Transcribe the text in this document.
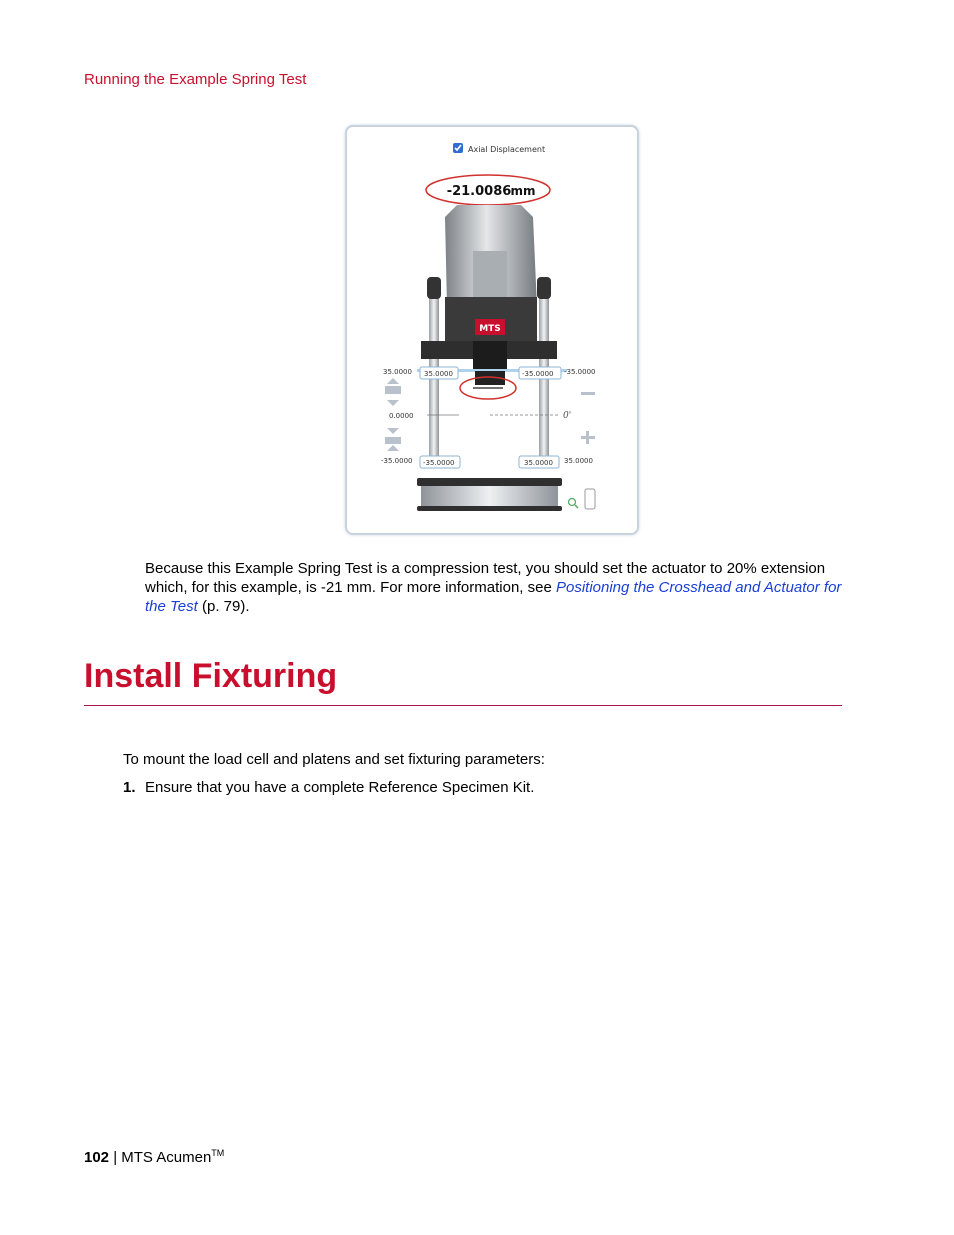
Running the Example Spring Test
Axial Displacement
-21.0086 mm
MTS
35.0000 35.0000	-35.0000 -35.0000
0.0000	0'
-35.0000 -35.0000	35.0000 35.0000
Because this Example Spring Test is a compression test, you should set the actuator to 20% extension which, for this example, is -21 mm. For more information, see Positioning the Crosshead and Actuator for the Test (p. 79).
Install Fixturing
To mount the load cell and platens and set fixturing parameters:
1. Ensure that you have a complete Reference Specimen Kit.
102 | MTS Acumen™
